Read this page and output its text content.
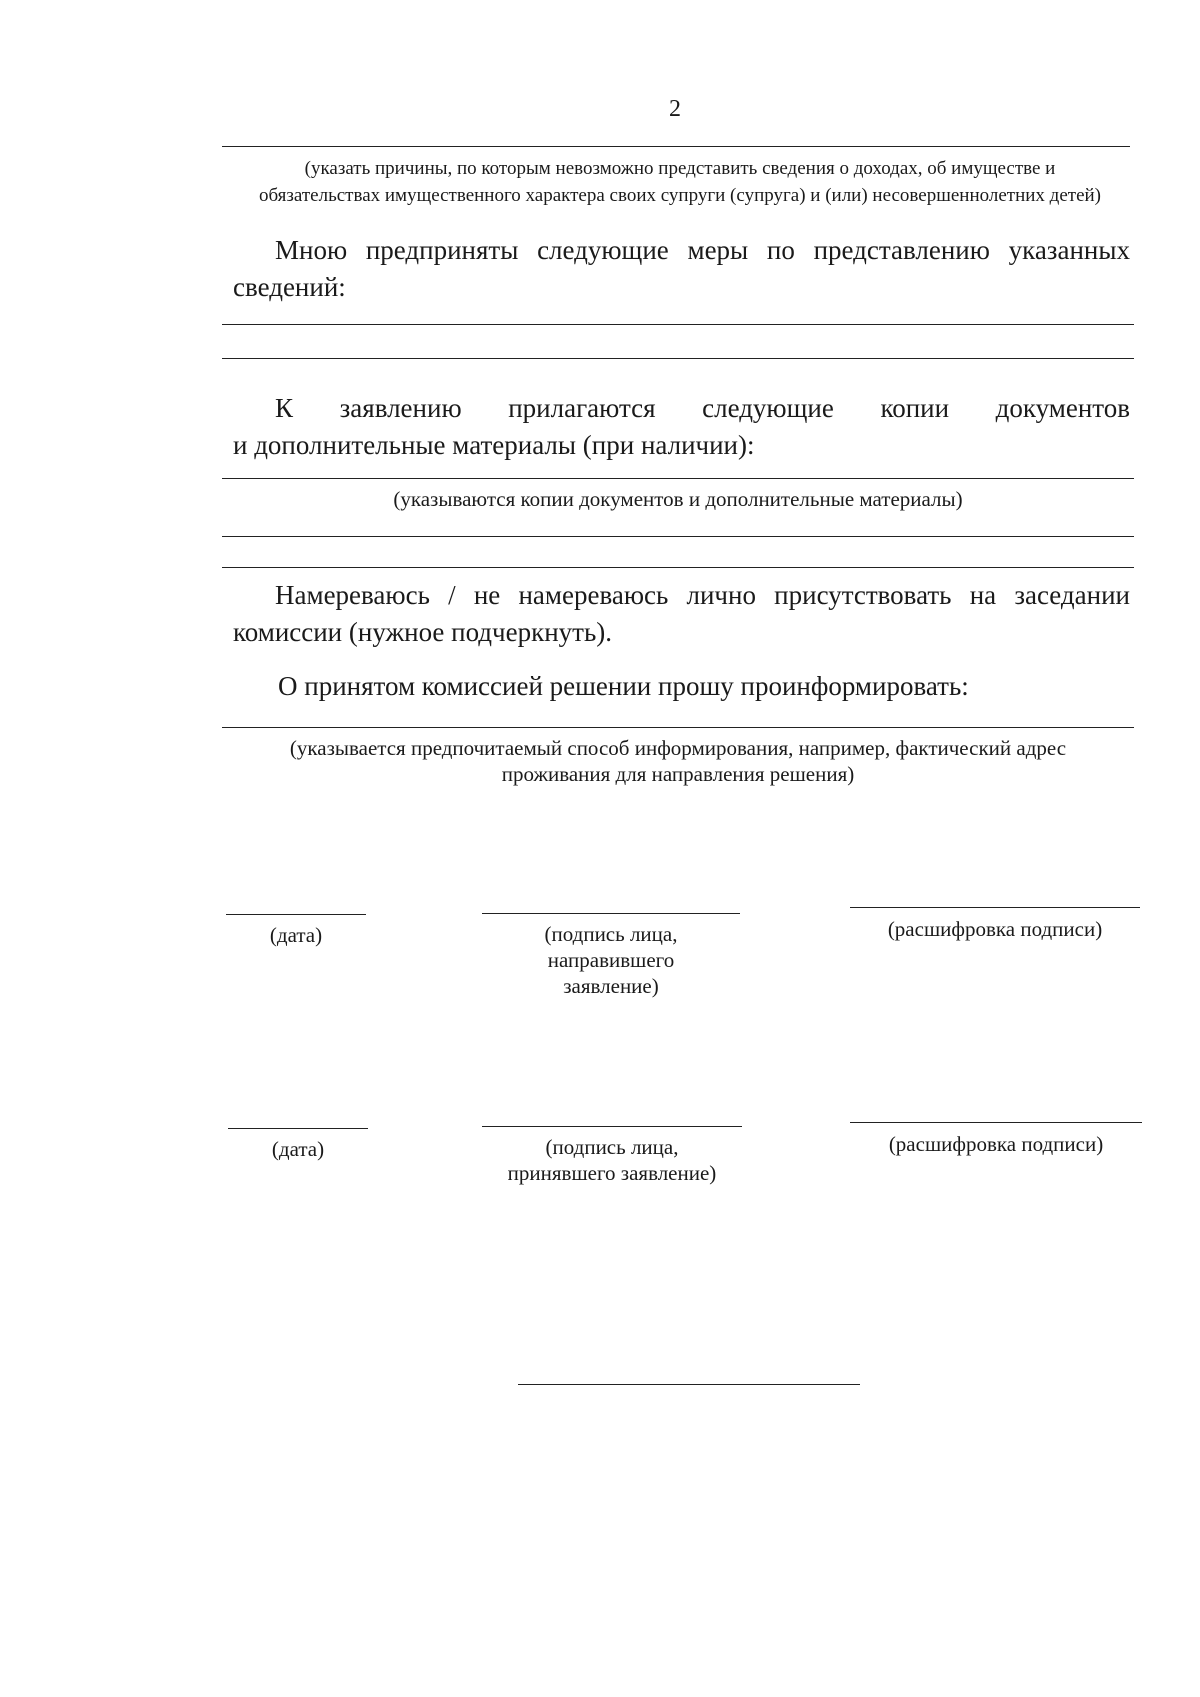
2
(указать причины, по которым невозможно представить сведения о доходах, об имуществе и
обязательствах имущественного характера своих супруги (супруга) и (или) несовершеннолетних детей)
Мною предприняты следующие меры по представлению указанных
сведений:
К заявлению прилагаются следующие копии документов
и дополнительные материалы (при наличии):
(указываются копии документов и дополнительные материалы)
Намереваюсь / не намереваюсь лично присутствовать на заседании
комиссии (нужное подчеркнуть).
О принятом комиссией решении прошу проинформировать:
(указывается предпочитаемый способ информирования, например, фактический адрес
проживания для направления решения)
(дата)	(подпись лица,
направившего
заявление)
(расшифровка подписи)
(дата)	(подпись лица,
принявшего заявление)
(расшифровка подписи)
